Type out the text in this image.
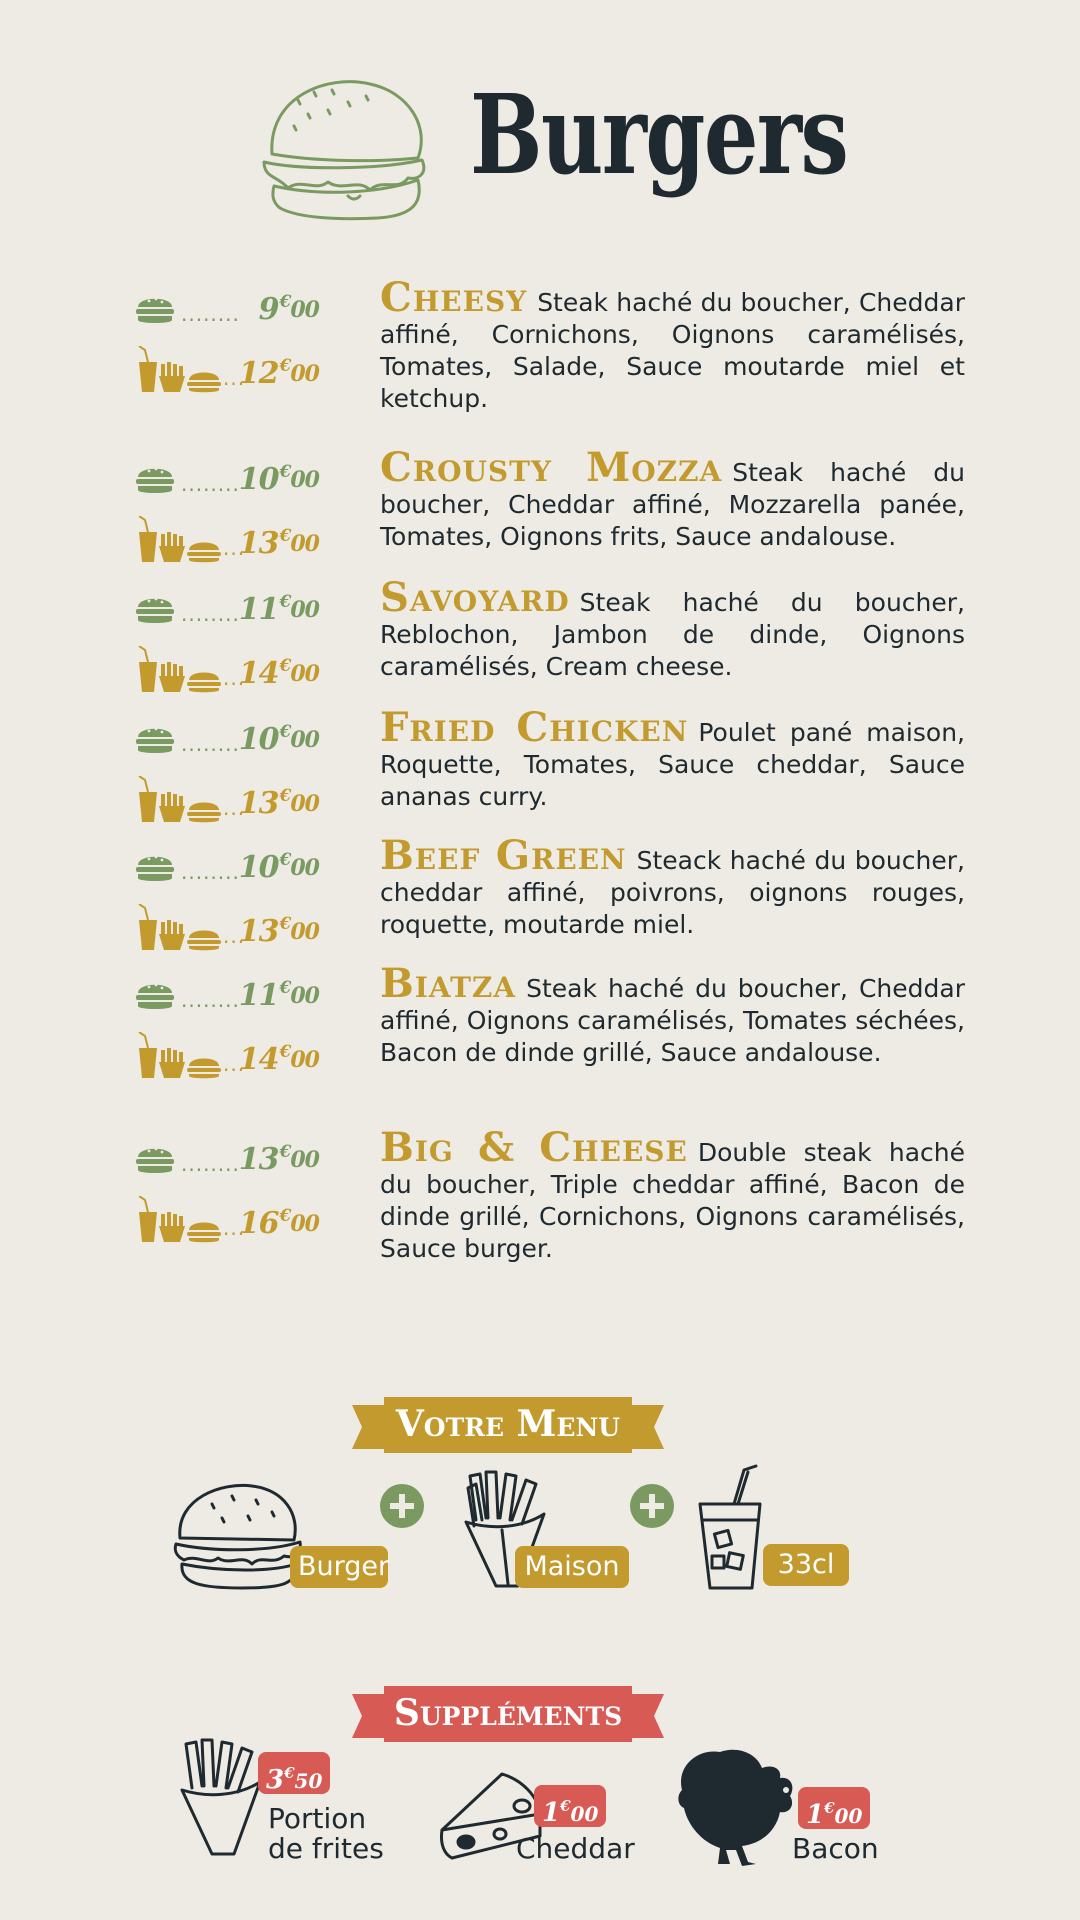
Burgers
........ 9€00
...
12€00
Cheesy Steak haché du boucher, Cheddar affiné, Cornichons, Oignons caramélisés, Tomates, Salade, Sauce moutarde miel et ketchup.
........
10€00
...
13€00
Crousty Mozza Steak haché du boucher, Cheddar affiné, Mozzarella panée, Tomates, Oignons frits, Sauce andalouse.
........
11€00
...
14€00
Savoyard Steak haché du boucher, Reblochon, Jambon de dinde, Oignons caramélisés, Cream cheese.
........
10€00
...
13€00
Fried Chicken Poulet pané maison, Roquette, Tomates, Sauce cheddar, Sauce ananas curry.
........
10€00
...
13€00
Beef Green Steack haché du boucher, cheddar affiné, poivrons, oignons rouges, roquette, moutarde miel.
........
11€00
...
14€00
Biatza Steak haché du boucher, Cheddar affiné, Oignons caramélisés, Tomates séchées, Bacon de dinde grillé, Sauce andalouse.
........
13€00
...
16€00
Big & Cheese Double steak haché du boucher, Triple cheddar affiné, Bacon de dinde grillé, Cornichons, Oignons caramélisés, Sauce burger.
Votre Menu
Burger	Maison	33cl
Suppléments
3€50
Portion
de frites
1€00
Cheddar
1€00
Bacon
